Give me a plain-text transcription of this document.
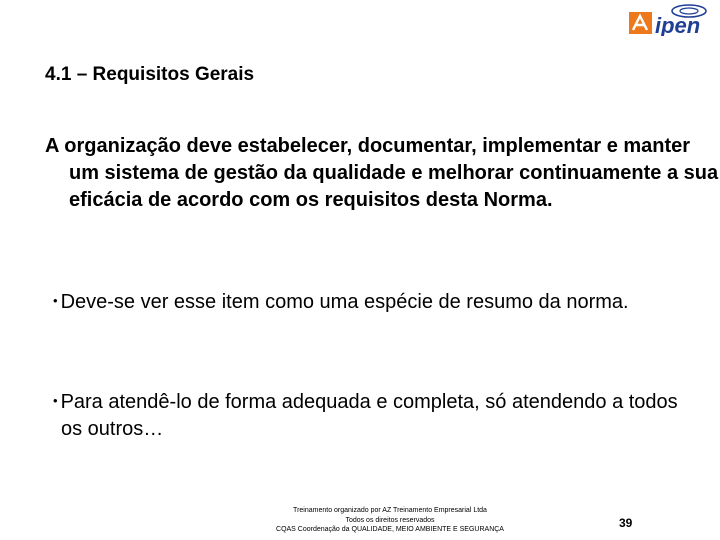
ipen
4.1 – Requisitos Gerais
A organização deve estabelecer, documentar, implementar e manter um sistema de gestão da qualidade e melhorar continuamente a sua eficácia de acordo com os requisitos desta Norma.
• Deve-se ver esse item como uma espécie de resumo da norma.
• Para atendê-lo de forma adequada e completa, só atendendo a todos os outros…
Treinamento organizado por AZ Treinamento Empresarial Ltda
Todos os direitos reservados
CQAS Coordenação da QUALIDADE, MEIO AMBIENTE E SEGURANÇA	39
